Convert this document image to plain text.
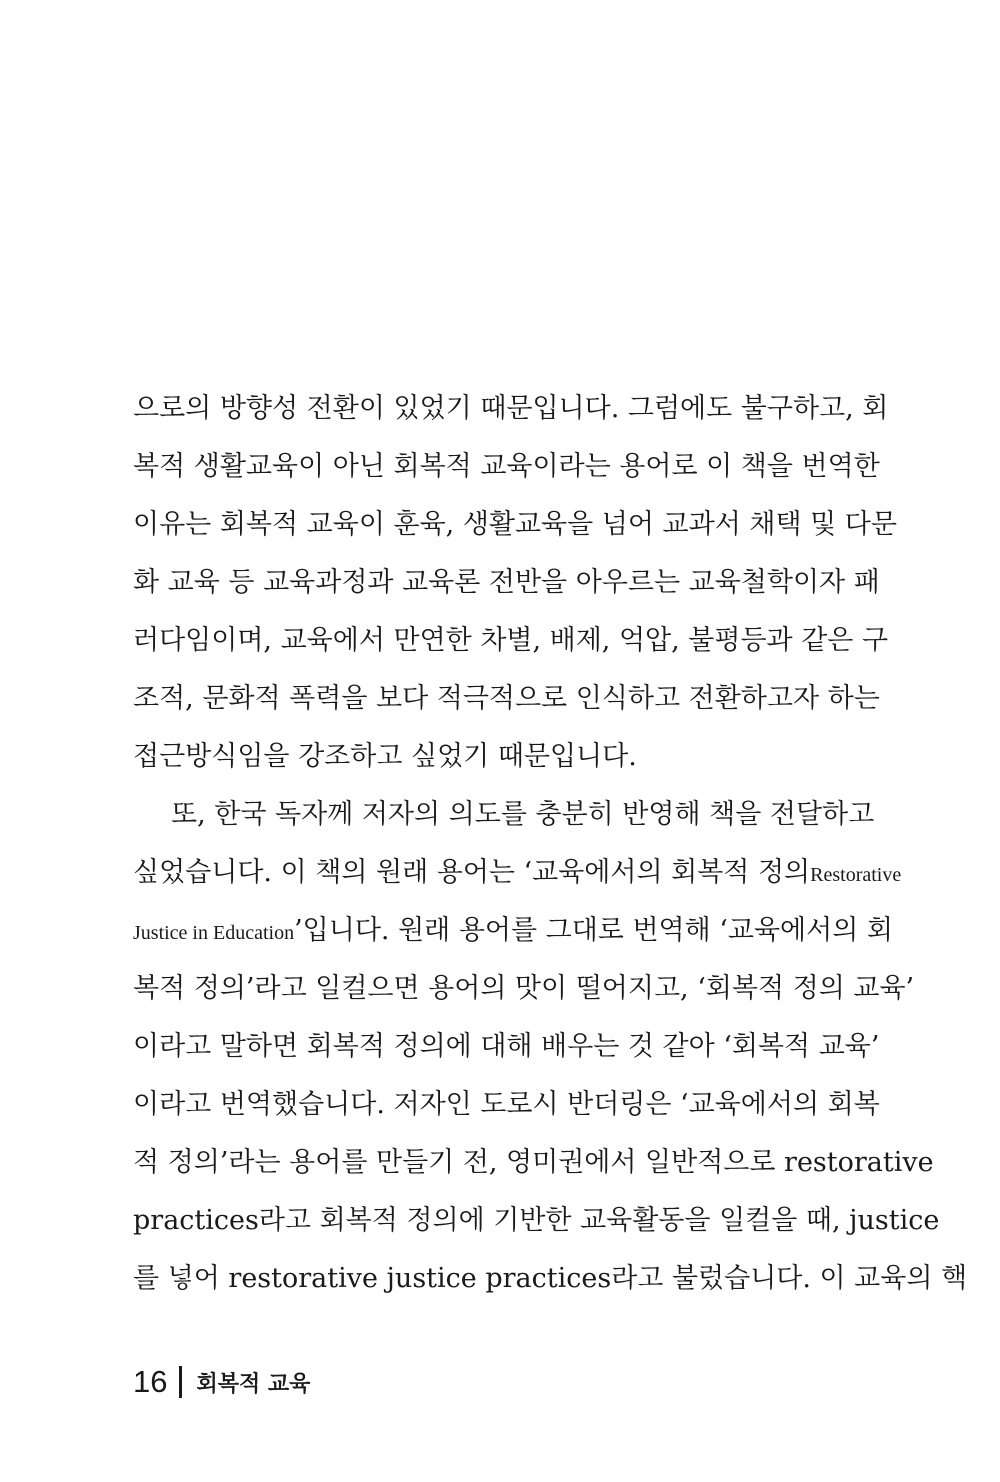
으로의 방향성 전환이 있었기 때문입니다. 그럼에도 불구하고, 회
복적 생활교육이 아닌 회복적 교육이라는 용어로 이 책을 번역한
이유는 회복적 교육이 훈육, 생활교육을 넘어 교과서 채택 및 다문
화 교육 등 교육과정과 교육론 전반을 아우르는 교육철학이자 패
러다임이며, 교육에서 만연한 차별, 배제, 억압, 불평등과 같은 구
조적, 문화적 폭력을 보다 적극적으로 인식하고 전환하고자 하는
접근방식임을 강조하고 싶었기 때문입니다.
또, 한국 독자께 저자의 의도를 충분히 반영해 책을 전달하고
싶었습니다. 이 책의 원래 용어는 ‘교육에서의 회복적 정의Restorative
Justice in Education’입니다. 원래 용어를 그대로 번역해 ‘교육에서의 회
복적 정의’라고 일컬으면 용어의 맛이 떨어지고, ‘회복적 정의 교육’
이라고 말하면 회복적 정의에 대해 배우는 것 같아 ‘회복적 교육’
이라고 번역했습니다. 저자인 도로시 반더링은 ‘교육에서의 회복
적 정의’라는 용어를 만들기 전, 영미권에서 일반적으로 restorative
practices라고 회복적 정의에 기반한 교육활동을 일컬을 때, justice
를 넣어 restorative justice practices라고 불렀습니다. 이 교육의 핵
16 회복적 교육
